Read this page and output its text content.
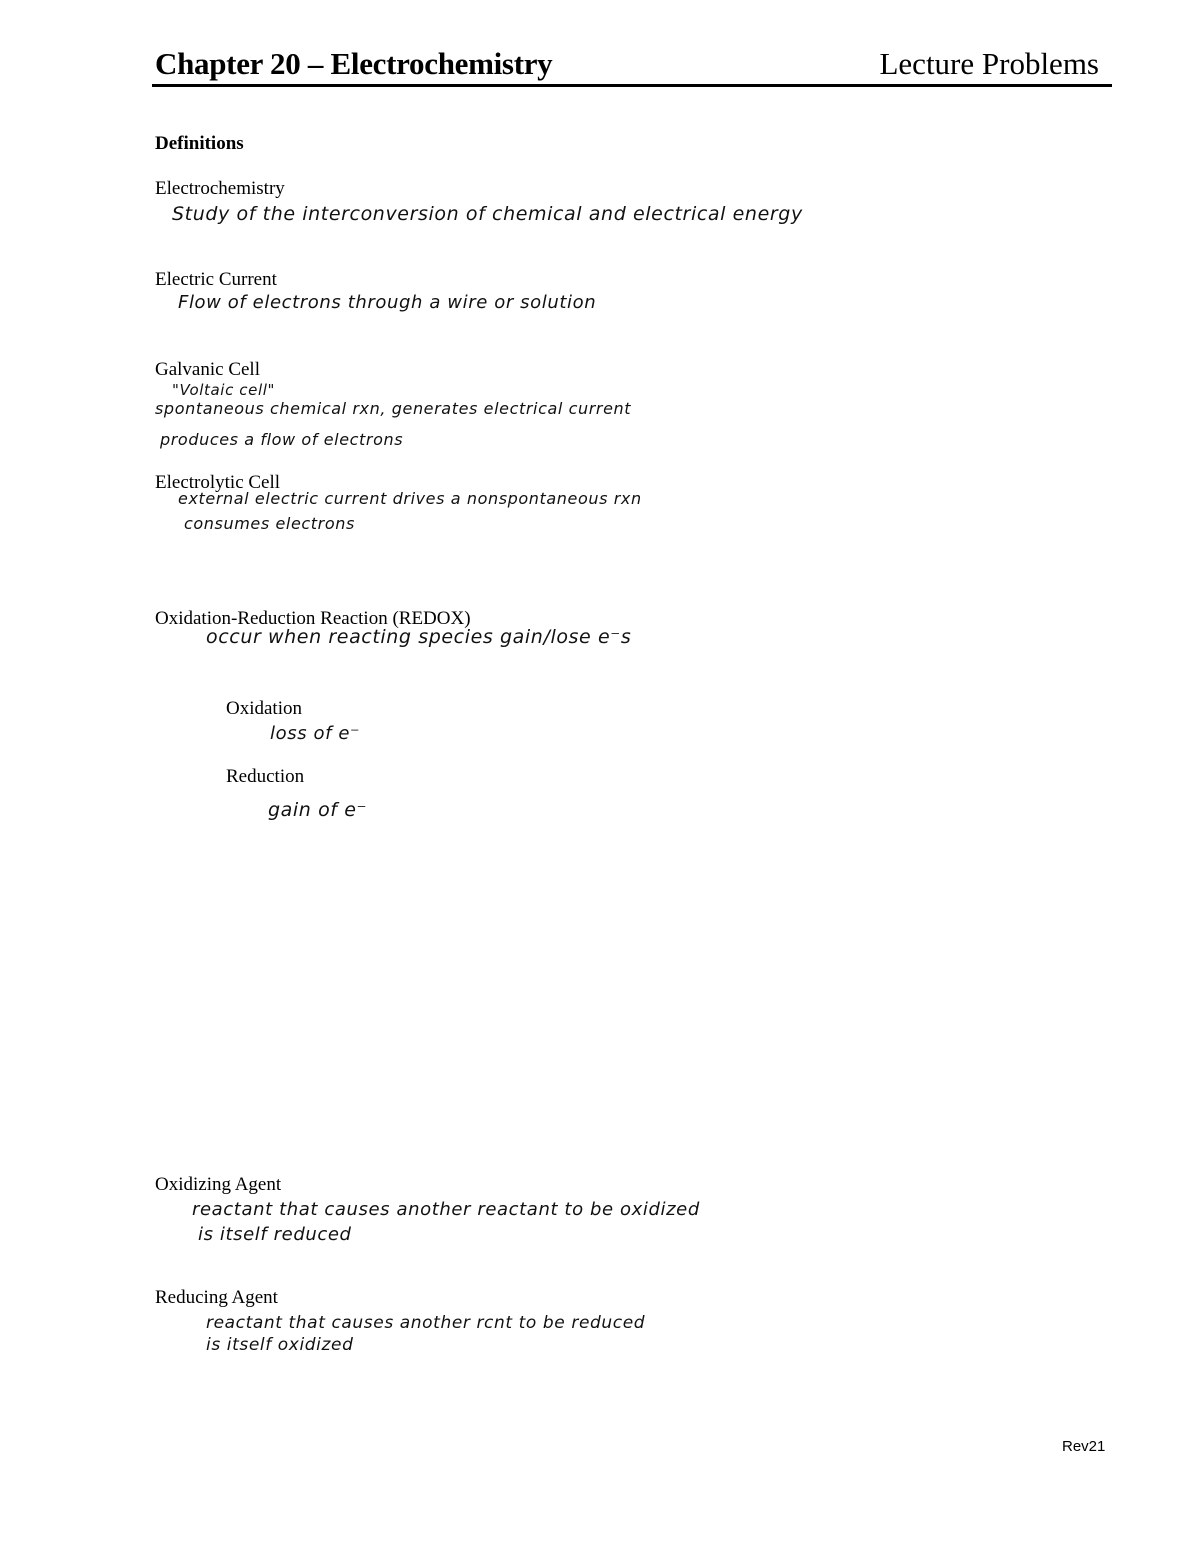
Chapter 20 – Electrochemistry	Lecture Problems
Definitions
Electrochemistry
Study of the interconversion of chemical and electrical energy
Electric Current
Flow of electrons through a wire or solution
Galvanic Cell
"Voltaic cell"
spontaneous chemical rxn, generates electrical current
produces a flow of electrons
Electrolytic Cell
external electric current drives a nonspontaneous rxn
consumes electrons
Oxidation-Reduction Reaction (REDOX)
occur when reacting species gain/lose e⁻s
Oxidation
loss of e⁻
Reduction
gain of e⁻
Oxidizing Agent
reactant that causes another reactant to be oxidized
is itself reduced
Reducing Agent
reactant that causes another rcnt to be reduced
is itself oxidized
Rev21
